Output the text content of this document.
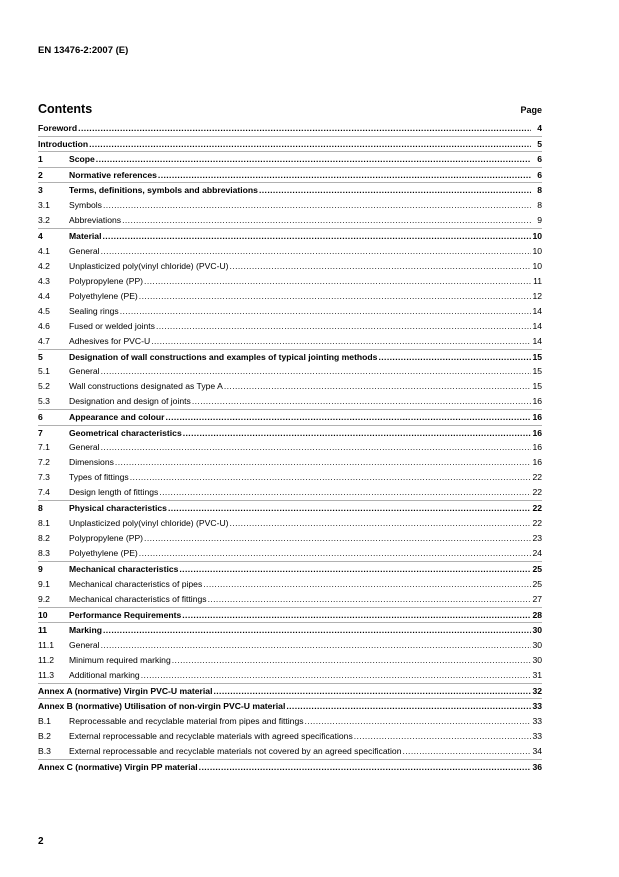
EN 13476-2:2007 (E)
Contents	Page
Foreword .....	4
Introduction .....	5
1	Scope .....	6
2	Normative references .....	6
3	Terms, definitions, symbols and abbreviations .....	8
3.1	Symbols .....	8
3.2	Abbreviations .....	9
4	Material .....	10
4.1	General .....	10
4.2	Unplasticized poly(vinyl chloride) (PVC-U) .....	10
4.3	Polypropylene (PP) .....	11
4.4	Polyethylene (PE) .....	12
4.5	Sealing rings .....	14
4.6	Fused or welded joints .....	14
4.7	Adhesives for PVC-U .....	14
5	Designation of wall constructions and examples of typical jointing methods .....	15
5.1	General .....	15
5.2	Wall constructions designated as Type A .....	15
5.3	Designation and design of joints .....	16
6	Appearance and colour .....	16
7	Geometrical characteristics .....	16
7.1	General .....	16
7.2	Dimensions .....	16
7.3	Types of fittings .....	22
7.4	Design length of fittings .....	22
8	Physical characteristics .....	22
8.1	Unplasticized poly(vinyl chloride) (PVC-U) .....	22
8.2	Polypropylene (PP) .....	23
8.3	Polyethylene (PE) .....	24
9	Mechanical characteristics .....	25
9.1	Mechanical characteristics of pipes .....	25
9.2	Mechanical characteristics of fittings .....	27
10	Performance Requirements .....	28
11	Marking .....	30
11.1	General .....	30
11.2	Minimum required marking .....	30
11.3	Additional marking .....	31
Annex A (normative) Virgin PVC-U material .....	32
Annex B (normative) Utilisation of non-virgin PVC-U material .....	33
B.1	Reprocessable and recyclable material from pipes and fittings .....	33
B.2	External reprocessable and recyclable materials with agreed specifications .....	33
B.3	External reprocessable and recyclable materials not covered by an agreed specification .....	34
Annex C (normative) Virgin PP material .....	36
2
